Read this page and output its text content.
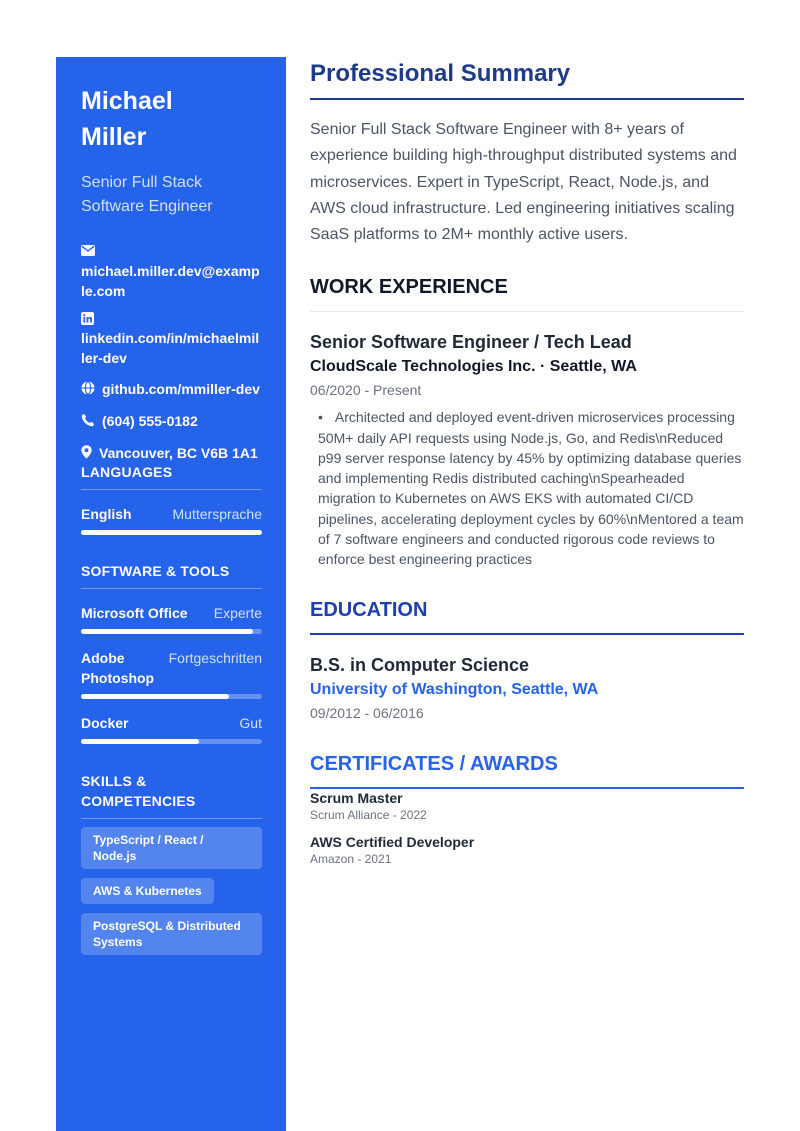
Michael
Miller
Senior Full Stack Software Engineer
michael.miller.dev@example.com
linkedin.com/in/michaelmiller-dev
github.com/mmiller-dev
(604) 555-0182
Vancouver, BC V6B 1A1
LANGUAGES
English	Muttersprache
SOFTWARE & TOOLS
Microsoft Office Experte
Adobe Photoshop
Fortgeschritten
Docker	Gut
SKILLS & COMPETENCIES
TypeScript / React / Node.js
AWS & Kubernetes
PostgreSQL & Distributed Systems
Professional Summary

Senior Full Stack Software Engineer with 8+ years of experience building high-throughput distributed systems and microservices. Expert in TypeScript, React, Node.js, and AWS cloud infrastructure. Led engineering initiatives scaling SaaS platforms to 2M+ monthly active users.

WORK EXPERIENCE
Senior Software Engineer / Tech Lead
CloudScale Technologies Inc. · Seattle, WA
06/2020 - Present
• Architected and deployed event-driven microservices processing 50M+ daily API requests using Node.js, Go, and Redis\nReduced p99 server response latency by 45% by optimizing database queries and implementing Redis distributed caching\nSpearheaded migration to Kubernetes on AWS EKS with automated CI/CD pipelines, accelerating deployment cycles by 60%\nMentored a team of 7 software engineers and conducted rigorous code reviews to enforce best engineering practices
EDUCATION
B.S. in Computer Science
University of Washington, Seattle, WA
09/2012 - 06/2016
CERTIFICATES / AWARDS
Scrum Master
Scrum Alliance - 2022
AWS Certified Developer
Amazon - 2021
